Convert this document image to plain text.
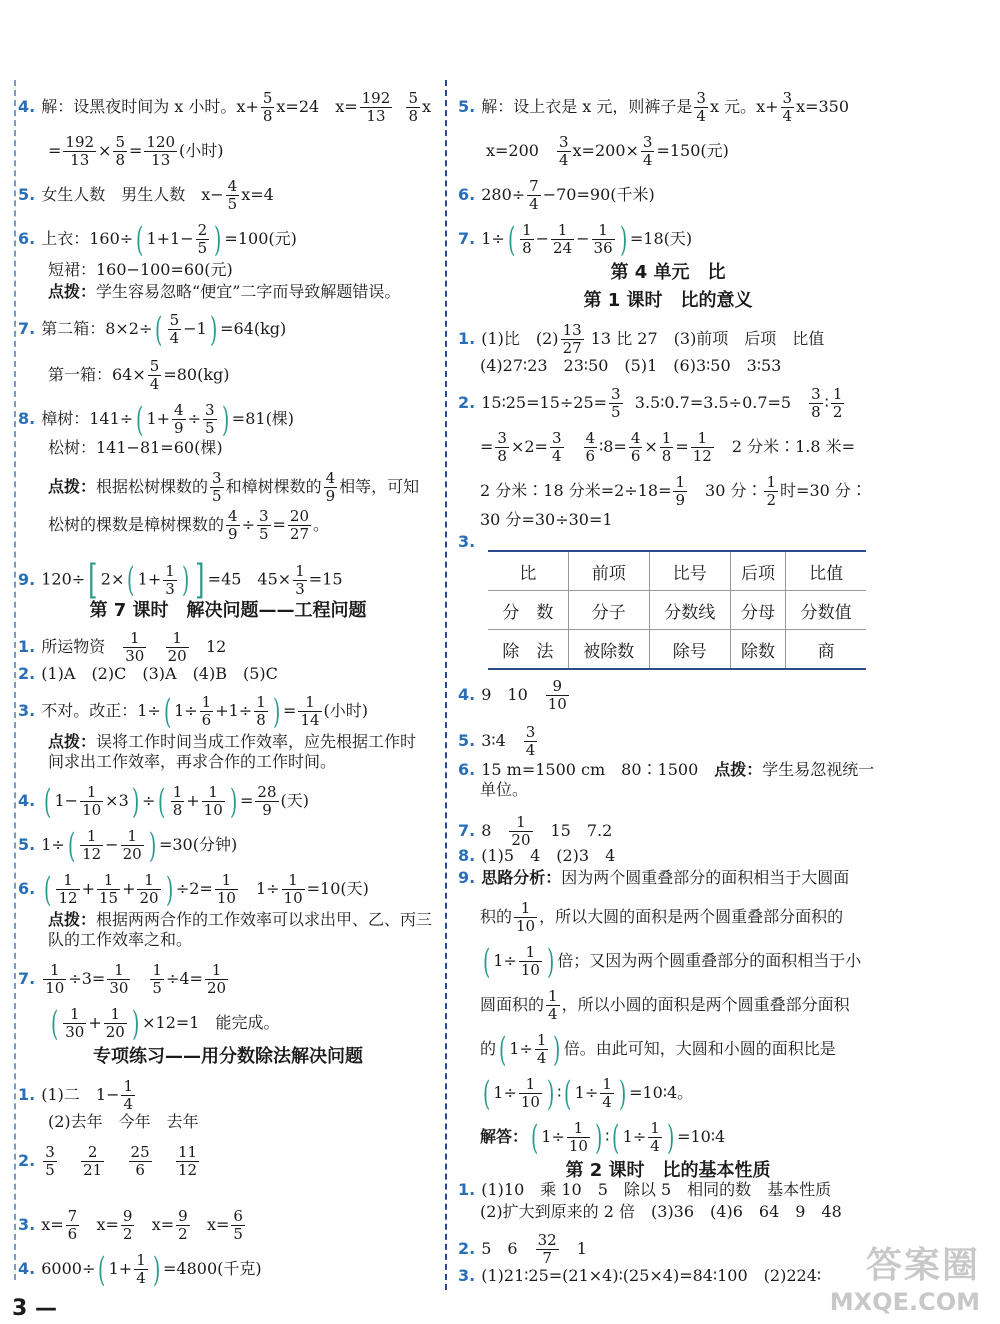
4. 解：设黑夜时间为 x 小时。$x+ \frac{5}{8} x=24$　$x= \frac{192}{13}$
$\frac{5}{8}$ x
= $\frac{192}{13} \times \frac{5}{8} = \frac{120}{13}$ (小时)
5. 女生人数　男生人数　$x- \frac{4}{5} x=4$
6. 上衣：160÷( $1+1- \frac{2}{5}$ ) =100(元)
短裙：160−100=60(元)
点拨：学生容易忽略“便宜”二字而导致解题错误。
7. 第二箱：$8\times 2\div( \frac{5}{4} -1) =64(kg)$
第一箱：$64\times \frac{5}{4} =80(kg)$
8. 樟树：141÷( $1+ \frac{4}{9} \div \frac{3}{5}$ ) =81(棵)
松树：141−81=60(棵)
点拨：根据松树棵数的 $\frac{3}{5}$ 和樟树棵数的 $\frac{4}{9}$ 相等，可知
松树的棵数是樟树棵数的 $\frac{4}{9} \div \frac{3}{5} = \frac{20}{27}$ 。
9. 120÷[ 2×( $1+ \frac{1}{3}$ ) ] =45　$45\times \frac{1}{3} =15$
第 7 课时　解决问题——工程问题
1. 所运物资　 $\frac{1}{30}$
$\frac{1}{20} 12$
2. (1)A　(2)C　(3)A　(4)B　(5)C
3. 不对。改正：1÷( $1\div \frac{1}{6} +1\div \frac{1}{8}$ ) = $\frac{1}{14}$ (小时)
点拨：误将工作时间当成工作效率，应先根据工作时
间求出工作效率，再求合作的工作时间。
4. ( $1- \frac{1}{10} \times 3$) ÷( $\frac{1}{8} + \frac{1}{10}$ ) = $\frac{28}{9}$ (天)
5. $1\div( \frac{1}{12} - \frac{1}{20}$ ) =30(分钟)
6. ( $\frac{1}{12} + \frac{1}{15} + \frac{1}{20}$ ) $\div 2= \frac{1}{10}$ 　$1\div \frac{1}{10} =10$(天)
点拨：根据两两合作的工作效率可以求出甲、乙、丙三
队的工作效率之和。
7. $\frac{1}{10} \div 3= \frac{1}{30}$
　 $\frac{1}{5} \div 4= \frac{1}{20}$
( $\frac{1}{30} + \frac{1}{20}$ ) ×12=1　能完成。
专项练习——用分数除法解决问题
1. (1)二　$1- \frac{1}{4}$
(2)去年　今年　去年
2. $\frac{3}{5}$
$\frac{2}{21}$
$\frac{25}{6}$
$\frac{11}{12}$
3. $x= \frac{7}{6} x= \frac{9}{2} x= \frac{9}{2} x= \frac{6}{5}$
4. 6000÷( $1+ \frac{1}{4}$ ) =4800(千克)
5. 解：设上衣是 x 元，则裤子是 $\frac{3}{4}$ x 元。$x+ \frac{3}{4} x=350$
x=200　 $\frac{3}{4} x=200\times \frac{3}{4} =150$(元)
6. $280\div \frac{7}{4} -70=90$(千米)
7. $1\div( \frac{1}{8} - \frac{1}{24} - \frac{1}{36}$ ) =18(天)
第 4 单元　比
第 1 课时　比的意义
1. (1)比　$(2) \frac{13}{27} 13$ 比 27　(3)前项　后项　比值
(4)27∶23　23∶50　(5)1　(6)3∶50　3∶53
2. 15∶25=15÷25= $\frac{3}{5}$ 3.5∶0.7=3.5÷0.7=5　 $\frac{3}{8}$ ∶ $\frac{1}{2}$
= $\frac{3}{8} \times 2= \frac{3}{4}$
　 $\frac{4}{6}$ ∶8= $\frac{4}{6} \times \frac{1}{8} = \frac{1}{12}$ 　2 分米∶1.8 米=
2 分米∶18 分米$=2\div 18= \frac{1}{9}$ 　30 分∶ $\frac{1}{2}$ 时=30 分∶
30 分=30÷30=1
3.
比	前项	比号	后项	比值
分　数	分子	分数线	分母	分数值
除　法	被除数	除号	除数	商
4. 9　10　 $\frac{9}{10}$
5. 3∶4　 $\frac{3}{4}$
6. 15 m=1500 cm　80∶1500　点拨：学生易忽视统一
单位。
7. 8　 $\frac{1}{20}$ 　15　7.2
8. (1)5　4　(2)3　4
9. 思路分析：因为两个圆重叠部分的面积相当于大圆面
积的 $\frac{1}{10}$ ，所以大圆的面积是两个圆重叠部分面积的
( $1\div \frac{1}{10}$ ) 倍；又因为两个圆重叠部分的面积相当于小
圆面积的 $\frac{1}{4}$ ，所以小圆的面积是两个圆重叠部分面积
的( $1\div \frac{1}{4}$ ) 倍。由此可知，大圆和小圆的面积比是
( $1\div \frac{1}{10}$ ) ∶( $1\div \frac{1}{4}$ ) =10∶4。
解答：( $1\div \frac{1}{10}$ ) ∶( $1\div \frac{1}{4}$ ) =10∶4
第 2 课时　比的基本性质
1. (1)10　乘 10　5　除以 5　相同的数　基本性质
(2)扩大到原来的 2 倍　(3)36　(4)6　64　9　48
2. 5　6　 $\frac{32}{7}$ 　1
3. (1)21∶25=(21×4)∶(25×4)=84∶100　(2)224∶
3 —
答案圈
MXQE.COM
